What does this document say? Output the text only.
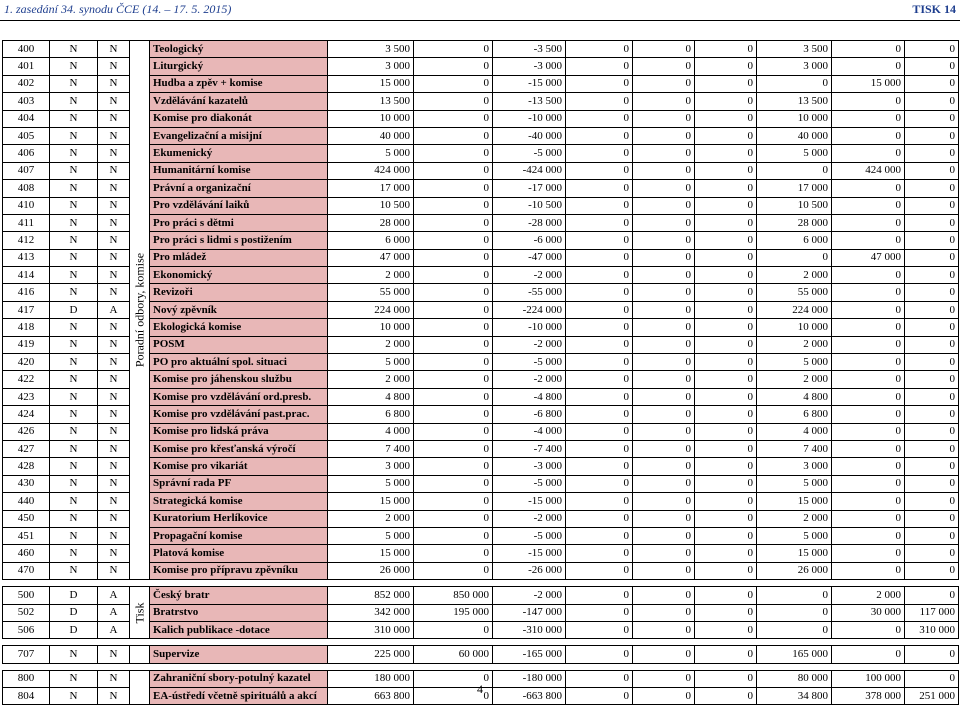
1. zasedání 34. synodu ČCE (14. – 17. 5. 2015)	TISK 14
400	N	N	Poradní odbory, komise	Teologický	3 500	0	-3 500	0	0	0	3 500	0	0
401	N	N		Liturgický	3 000	0	-3 000	0	0	0	3 000	0	0
402	N	N		Hudba a zpěv + komise	15 000	0	-15 000	0	0	0	0	15 000	0
403	N	N		Vzdělávání kazatelů	13 500	0	-13 500	0	0	0	13 500	0	0
404	N	N		Komise pro diakonát	10 000	0	-10 000	0	0	0	10 000	0	0
405	N	N		Evangelizační a misijní	40 000	0	-40 000	0	0	0	40 000	0	0
406	N	N		Ekumenický	5 000	0	-5 000	0	0	0	5 000	0	0
407	N	N		Humanitární komise	424 000	0	-424 000	0	0	0	0	424 000	0
408	N	N		Právní a organizační	17 000	0	-17 000	0	0	0	17 000	0	0
410	N	N		Pro vzdělávání laiků	10 500	0	-10 500	0	0	0	10 500	0	0
411	N	N		Pro práci s dětmi	28 000	0	-28 000	0	0	0	28 000	0	0
412	N	N		Pro práci s lidmi s postižením	6 000	0	-6 000	0	0	0	6 000	0	0
413	N	N		Pro mládež	47 000	0	-47 000	0	0	0	0	47 000	0
414	N	N		Ekonomický	2 000	0	-2 000	0	0	0	2 000	0	0
416	N	N		Revizoři	55 000	0	-55 000	0	0	0	55 000	0	0
417	D	A		Nový zpěvník	224 000	0	-224 000	0	0	0	224 000	0	0
418	N	N		Ekologická komise	10 000	0	-10 000	0	0	0	10 000	0	0
419	N	N		POSM	2 000	0	-2 000	0	0	0	2 000	0	0
420	N	N		PO pro aktuální spol. situaci	5 000	0	-5 000	0	0	0	5 000	0	0
422	N	N		Komise pro jáhenskou službu	2 000	0	-2 000	0	0	0	2 000	0	0
423	N	N		Komise pro vzdělávání ord.presb.	4 800	0	-4 800	0	0	0	4 800	0	0
424	N	N		Komise pro vzdělávání past.prac.	6 800	0	-6 800	0	0	0	6 800	0	0
426	N	N		Komise pro lidská práva	4 000	0	-4 000	0	0	0	4 000	0	0
427	N	N		Komise pro křesťanská výročí	7 400	0	-7 400	0	0	0	7 400	0	0
428	N	N		Komise pro vikariát	3 000	0	-3 000	0	0	0	3 000	0	0
430	N	N		Správní rada PF	5 000	0	-5 000	0	0	0	5 000	0	0
440	N	N		Strategická komise	15 000	0	-15 000	0	0	0	15 000	0	0
450	N	N		Kuratorium Herlíkovice	2 000	0	-2 000	0	0	0	2 000	0	0
451	N	N		Propagační komise	5 000	0	-5 000	0	0	0	5 000	0	0
460	N	N		Platová komise	15 000	0	-15 000	0	0	0	15 000	0	0
470	N	N		Komise pro přípravu zpěvníku	26 000	0	-26 000	0	0	0	26 000	0	0

500	D	A	Tisk	Český bratr	852 000	850 000	-2 000	0	0	0	0	2 000	0
502	D	A		Bratrstvo	342 000	195 000	-147 000	0	0	0	0	30 000	117 000
506	D	A		Kalich publikace -dotace	310 000	0	-310 000	0	0	0	0	0	310 000

707	N	N		Supervize	225 000	60 000	-165 000	0	0	0	165 000	0	0

800	N	N		Zahraniční sbory-potulný kazatel	180 000	0	-180 000	0	0	0	80 000	100 000	0
804	N	N		EA-ústředí včetně spirituálů a akcí	663 800	0	-663 800	0	0	0	34 800	378 000	251 000
4
